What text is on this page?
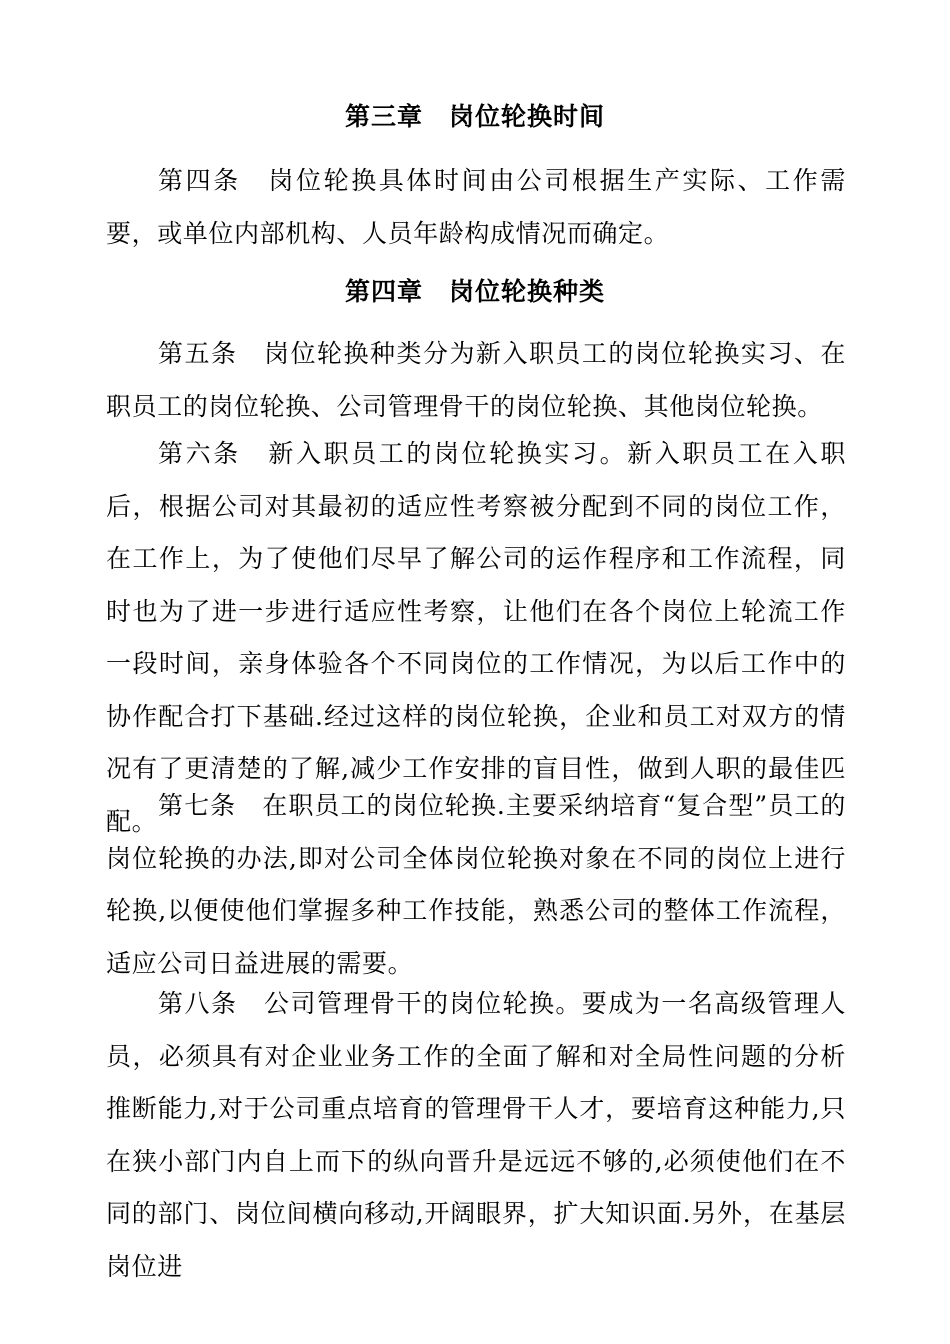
第三章　岗位轮换时间
第四条　岗位轮换具体时间由公司根据生产实际、工作需要，或单位内部机构、人员年龄构成情况而确定。
第四章　岗位轮换种类
第五条　岗位轮换种类分为新入职员工的岗位轮换实习、在职员工的岗位轮换、公司管理骨干的岗位轮换、其他岗位轮换。
第六条　新入职员工的岗位轮换实习。新入职员工在入职后，根据公司对其最初的适应性考察被分配到不同的岗位工作，在工作上，为了使他们尽早了解公司的运作程序和工作流程，同时也为了进一步进行适应性考察，让他们在各个岗位上轮流工作一段时间，亲身体验各个不同岗位的工作情况，为以后工作中的协作配合打下基础.经过这样的岗位轮换，企业和员工对双方的情况有了更清楚的了解,减少工作安排的盲目性，做到人职的最佳匹配。
第七条　在职员工的岗位轮换.主要采纳培育“复合型”员工的岗位轮换的办法,即对公司全体岗位轮换对象在不同的岗位上进行轮换,以便使他们掌握多种工作技能，熟悉公司的整体工作流程，适应公司日益进展的需要。
第八条　公司管理骨干的岗位轮换。要成为一名高级管理人员，必须具有对企业业务工作的全面了解和对全局性问题的分析推断能力,对于公司重点培育的管理骨干人才，要培育这种能力,只在狭小部门内自上而下的纵向晋升是远远不够的,必须使他们在不同的部门、岗位间横向移动,开阔眼界，扩大知识面.另外，在基层岗位进
